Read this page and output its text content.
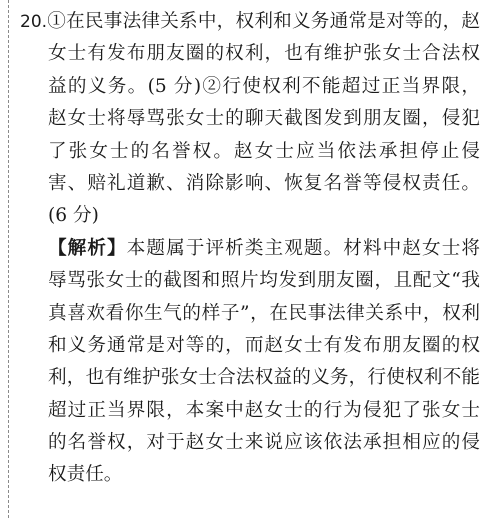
20.①在民事法律关系中，权利和义务通常是对等的，赵
女士有发布朋友圈的权利，也有维护张女士合法权
益的义务。(5 分)②行使权利不能超过正当界限，
赵女士将辱骂张女士的聊天截图发到朋友圈，侵犯
了张女士的名誉权。赵女士应当依法承担停止侵
害、赔礼道歉、消除影响、恢复名誉等侵权责任。
(6 分)
【解析】本题属于评析类主观题。材料中赵女士将
辱骂张女士的截图和照片均发到朋友圈，且配文“我
真喜欢看你生气的样子”，在民事法律关系中，权利
和义务通常是对等的，而赵女士有发布朋友圈的权
利，也有维护张女士合法权益的义务，行使权利不能
超过正当界限，本案中赵女士的行为侵犯了张女士
的名誉权，对于赵女士来说应该依法承担相应的侵
权责任。
